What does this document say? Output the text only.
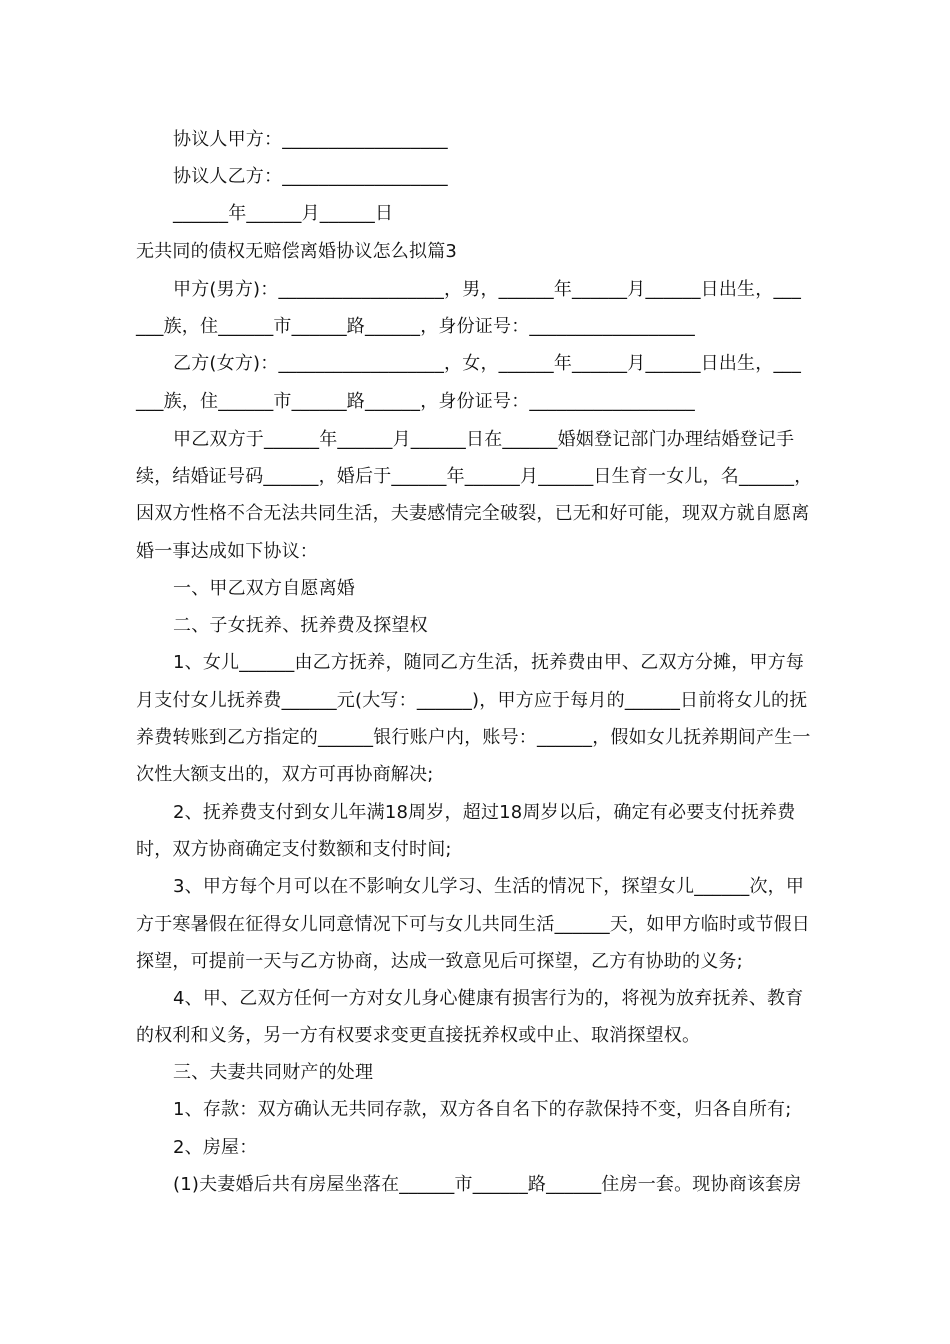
协议人甲方：__________________
协议人乙方：__________________
______年______月______日
无共同的债权无赔偿离婚协议怎么拟篇3
甲方(男方)：__________________，男，______年______月______日出生，___
___族，住______市______路______，身份证号：__________________
乙方(女方)：__________________，女，______年______月______日出生，___
___族，住______市______路______，身份证号：__________________
甲乙双方于______年______月______日在______婚姻登记部门办理结婚登记手
续，结婚证号码______，婚后于______年______月______日生育一女儿，名______，
因双方性格不合无法共同生活，夫妻感情完全破裂，已无和好可能，现双方就自愿离
婚一事达成如下协议：
一、甲乙双方自愿离婚
二、子女抚养、抚养费及探望权
1、女儿______由乙方抚养，随同乙方生活，抚养费由甲、乙双方分摊，甲方每
月支付女儿抚养费______元(大写：______)，甲方应于每月的______日前将女儿的抚
养费转账到乙方指定的______银行账户内，账号：______，假如女儿抚养期间产生一
次性大额支出的，双方可再协商解决;
2、抚养费支付到女儿年满18周岁，超过18周岁以后，确定有必要支付抚养费
时，双方协商确定支付数额和支付时间;
3、甲方每个月可以在不影响女儿学习、生活的情况下，探望女儿______次，甲
方于寒暑假在征得女儿同意情况下可与女儿共同生活______天，如甲方临时或节假日
探望，可提前一天与乙方协商，达成一致意见后可探望，乙方有协助的义务;
4、甲、乙双方任何一方对女儿身心健康有损害行为的，将视为放弃抚养、教育
的权利和义务，另一方有权要求变更直接抚养权或中止、取消探望权。
三、夫妻共同财产的处理
1、存款：双方确认无共同存款，双方各自名下的存款保持不变，归各自所有;
2、房屋：
(1)夫妻婚后共有房屋坐落在______市______路______住房一套。现协商该套房
